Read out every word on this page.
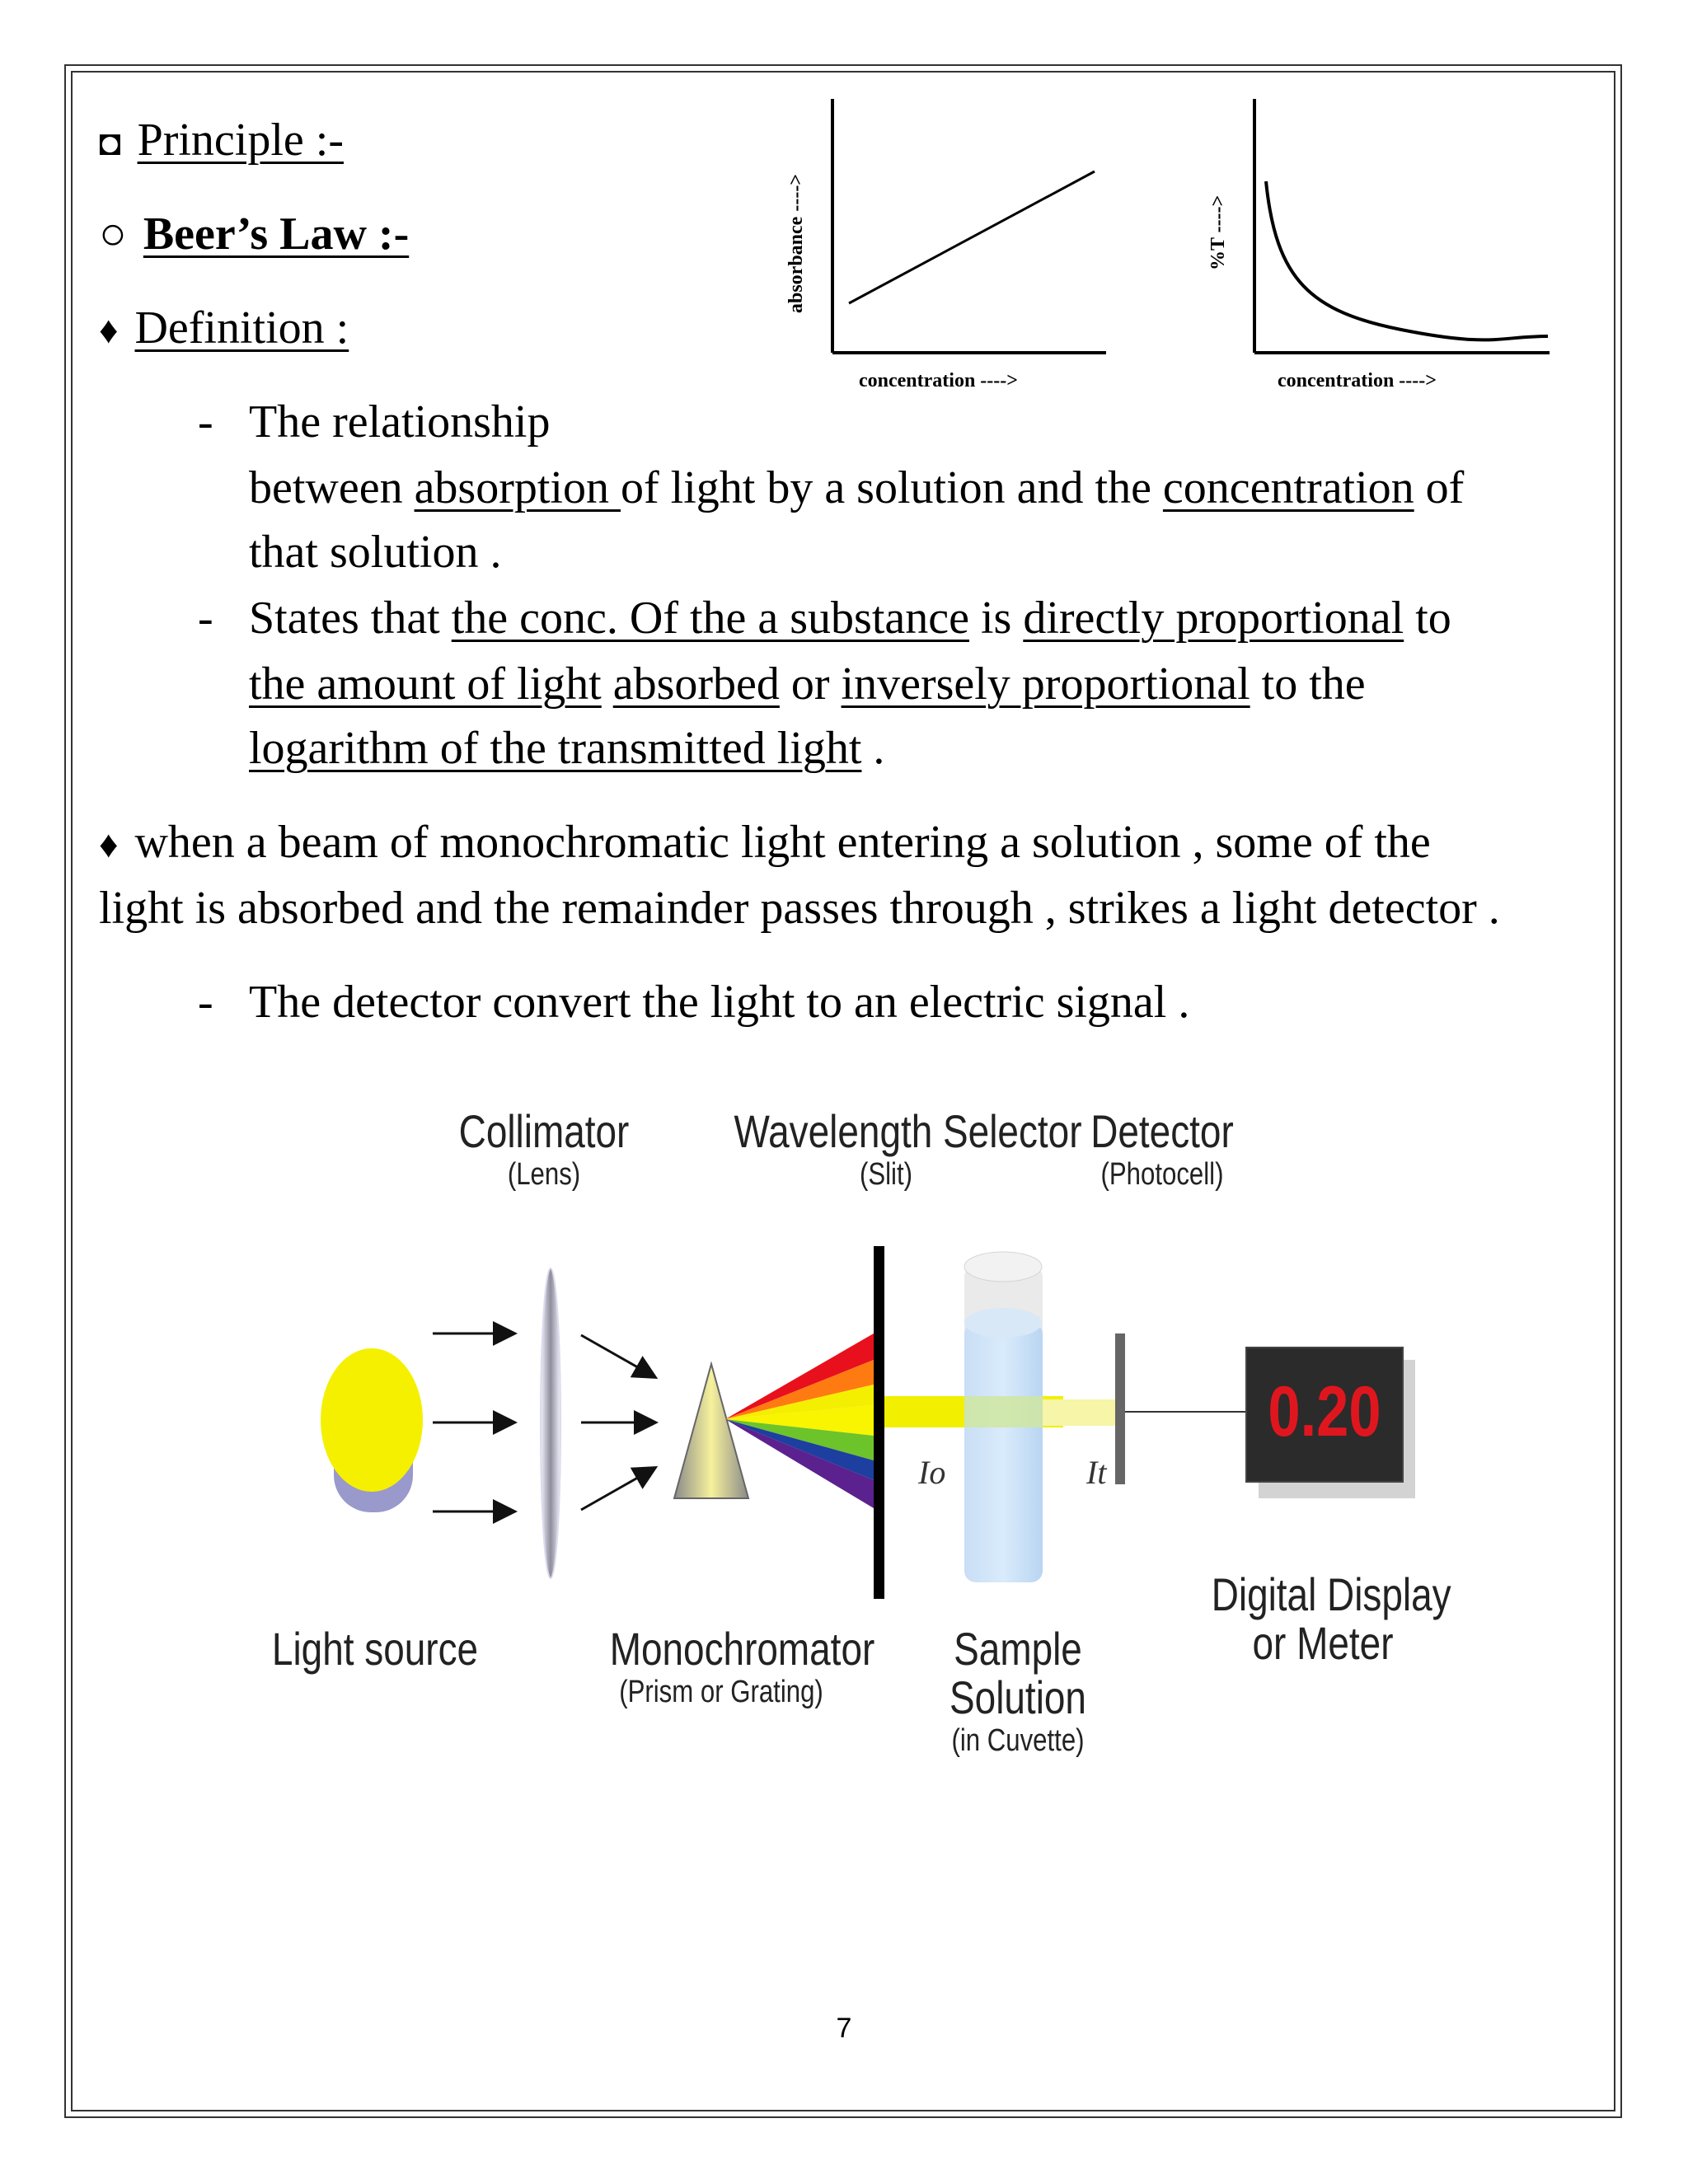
◘ Principle :-
○ Beer’s Law :-
♦ Definition :
absorbance ---->
concentration ---->
%T ---->
concentration ---->
- The relationship
between absorption of light by a solution and the concentration of
that solution .
- States that the conc. Of the a substance is directly proportional to
the amount of light absorbed or inversely proportional to the
logarithm of the transmitted light .
♦ when a beam of monochromatic light entering a solution , some of the
light is absorbed and the remainder passes through , strikes a light detector .
- The detector convert the light to an electric signal .
0.20
Io	It
Collimator
(Lens)
Wavelength Selector
(Slit)
Detector
(Photocell)
Light source	Monochromator
(Prism or Grating)
Sample
Solution
(in Cuvette)
Digital Display
or Meter
7
